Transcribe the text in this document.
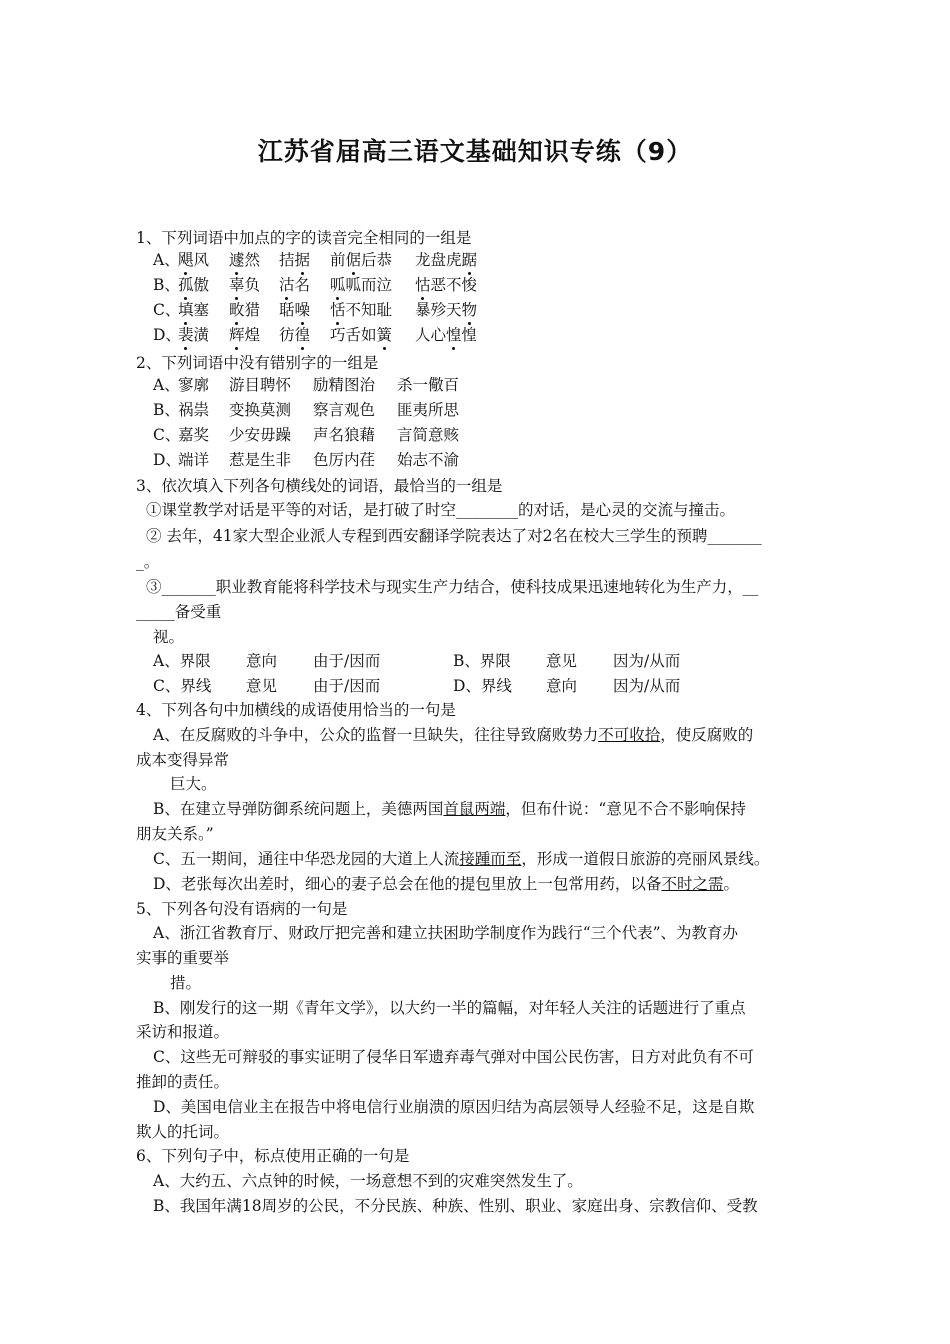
江苏省届高三语文基础知识专练（9）
1、下列词语中加点的字的读音完全相同的一组是
A、
飓风 遽然 拮据 前倨后恭 龙盘虎踞
B、
孤傲 辜负 沽名 呱呱而泣 怙恶不悛
C、
填塞 畋猎 聒噪 恬不知耻 暴殄天物
D、
裴潢 辉煌 彷徨 巧舌如簧 人心惶惶
2、下列词语中没有错别字的一组是
A、
寥廓 游目聘怀 励精图治 杀一儆百
B、
祸祟 变换莫测 察言观色 匪夷所思
C、
嘉奖 少安毋躁 声名狼藉 言简意赅
D、
端详 惹是生非 色厉内荏 始志不渝
3、依次填入下列各句横线处的词语，最恰当的一组是
①课堂教学对话是平等的对话，是打破了时空________的对话，是心灵的交流与撞击。
② 去年，41家大型企业派人专程到西安翻译学院表达了对2名在校大三学生的预聘_______
_。
③_______职业教育能将科学技术与现实生产力结合，使科技成果迅速地转化为生产力，__
_____备受重
视。
A、界限 意向 由于/因而	B、界限 意见 因为/从而
C、界线 意见 由于/因而	D、界线 意向 因为/从而
4、下列各句中加横线的成语使用恰当的一句是
A、在反腐败的斗争中，公众的监督一旦缺失，往往导致腐败势力不可收拾，使反腐败的
成本变得异常
巨大。
B、在建立导弹防御系统问题上，美德两国首鼠两端，但布什说：“意见不合不影响保持
朋友关系。”
C、五一期间，通往中华恐龙园的大道上人流接踵而至，形成一道假日旅游的亮丽风景线。
D、老张每次出差时，细心的妻子总会在他的提包里放上一包常用药，以备不时之需。
5、下列各句没有语病的一句是
A、浙江省教育厅、财政厅把完善和建立扶困助学制度作为践行“三个代表”、为教育办
实事的重要举
措。
B、刚发行的这一期《青年文学》，以大约一半的篇幅，对年轻人关注的话题进行了重点
采访和报道。
C、这些无可辩驳的事实证明了侵华日军遗弃毒气弹对中国公民伤害，日方对此负有不可
推卸的责任。
D、美国电信业主在报告中将电信行业崩溃的原因归结为高层领导人经验不足，这是自欺
欺人的托词。
6、下列句子中，标点使用正确的一句是
A、大约五、六点钟的时候，一场意想不到的灾难突然发生了。
B、我国年满18周岁的公民，不分民族、种族、性别、职业、家庭出身、宗教信仰、受教
